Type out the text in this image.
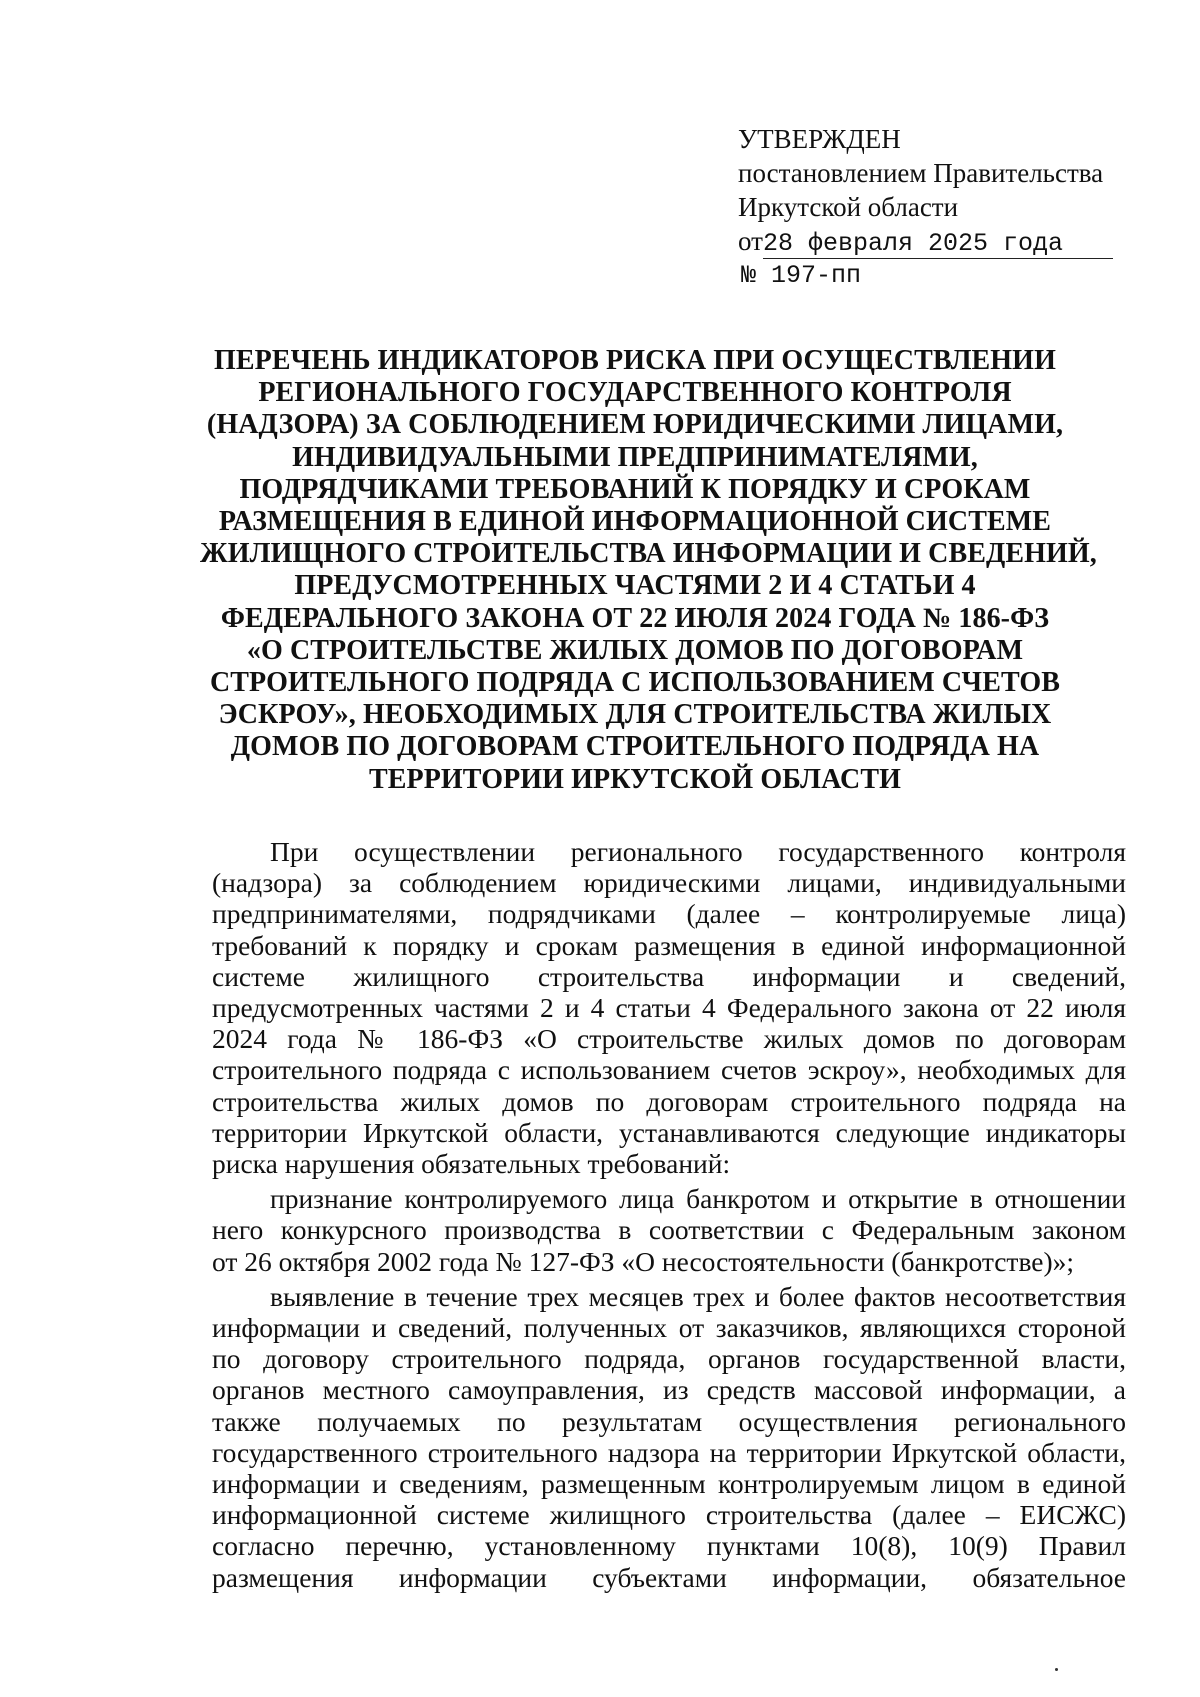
УТВЕРЖДЕН
постановлением Правительства
Иркутской области
от28 февраля 2025 года
№ 197-пп
ПЕРЕЧЕНЬ ИНДИКАТОРОВ РИСКА ПРИ ОСУЩЕСТВЛЕНИИ
РЕГИОНАЛЬНОГО ГОСУДАРСТВЕННОГО КОНТРОЛЯ
(НАДЗОРА) ЗА СОБЛЮДЕНИЕМ ЮРИДИЧЕСКИМИ ЛИЦАМИ,
ИНДИВИДУАЛЬНЫМИ ПРЕДПРИНИМАТЕЛЯМИ,
ПОДРЯДЧИКАМИ ТРЕБОВАНИЙ К ПОРЯДКУ И СРОКАМ
РАЗМЕЩЕНИЯ В ЕДИНОЙ ИНФОРМАЦИОННОЙ СИСТЕМЕ
ЖИЛИЩНОГО СТРОИТЕЛЬСТВА ИНФОРМАЦИИ И СВЕДЕНИЙ,
ПРЕДУСМОТРЕННЫХ ЧАСТЯМИ 2 И 4 СТАТЬИ 4
ФЕДЕРАЛЬНОГО ЗАКОНА ОТ 22 ИЮЛЯ 2024 ГОДА № 186-ФЗ
«О СТРОИТЕЛЬСТВЕ ЖИЛЫХ ДОМОВ ПО ДОГОВОРАМ
СТРОИТЕЛЬНОГО ПОДРЯДА С ИСПОЛЬЗОВАНИЕМ СЧЕТОВ
ЭСКРОУ», НЕОБХОДИМЫХ ДЛЯ СТРОИТЕЛЬСТВА ЖИЛЫХ
ДОМОВ ПО ДОГОВОРАМ СТРОИТЕЛЬНОГО ПОДРЯДА НА
ТЕРРИТОРИИ ИРКУТСКОЙ ОБЛАСТИ
При осуществлении регионального государственного контроля
(надзора) за соблюдением юридическими лицами, индивидуальными
предпринимателями, подрядчиками (далее – контролируемые лица)
требований к порядку и срокам размещения в единой информационной
системе жилищного строительства информации и сведений,
предусмотренных частями 2 и 4 статьи 4 Федерального закона от 22 июля
2024 года № 186-ФЗ «О строительстве жилых домов по договорам
строительного подряда с использованием счетов эскроу», необходимых для
строительства жилых домов по договорам строительного подряда на
территории Иркутской области, устанавливаются следующие индикаторы
риска нарушения обязательных требований:
признание контролируемого лица банкротом и открытие в отношении
него конкурсного производства в соответствии с Федеральным законом
от 26 октября 2002 года № 127-ФЗ «О несостоятельности (банкротстве)»;
выявление в течение трех месяцев трех и более фактов несоответствия
информации и сведений, полученных от заказчиков, являющихся стороной
по договору строительного подряда, органов государственной власти,
органов местного самоуправления, из средств массовой информации, а
также получаемых по результатам осуществления регионального
государственного строительного надзора на территории Иркутской области,
информации и сведениям, размещенным контролируемым лицом в единой
информационной системе жилищного строительства (далее – ЕИСЖС)
согласно перечню, установленному пунктами 10(8), 10(9) Правил
размещения информации субъектами информации, обязательное
